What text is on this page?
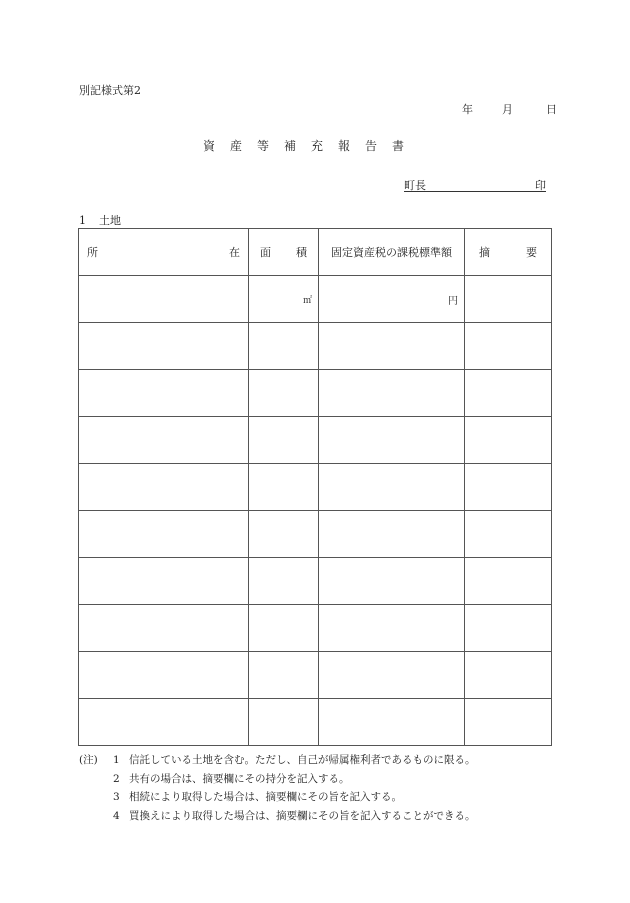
別記様式第2
年	月	日
資 産 等 補 充 報 告 書
町長	印
1 土地
所 在	面 積	固定資産税の課税標準額	摘 要

	㎡	円	

(注) 1 信託している土地を含む。ただし、自己が帰属権利者であるものに限る。
2 共有の場合は、摘要欄にその持分を記入する。
3 相続により取得した場合は、摘要欄にその旨を記入する。
4 買換えにより取得した場合は、摘要欄にその旨を記入することができる。
